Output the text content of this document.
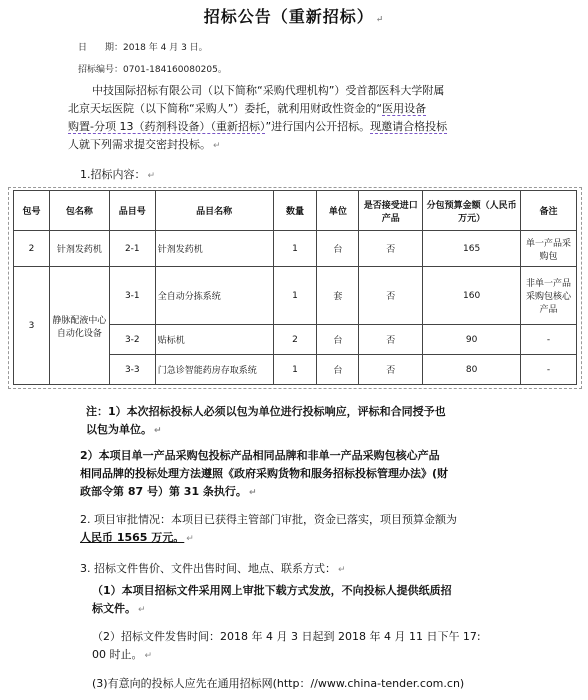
招标公告（重新招标） ↵
日　　期：2018 年 4 月 3 日。
招标编号：0701-184160080205。
中技国际招标有限公司（以下简称“采购代理机构”）受首都医科大学附属
北京天坛医院（以下简称“采购人”）委托，就利用财政性资金的“医用设备
购置-分项 13（药剂科设备）（重新招标）”进行国内公开招标。现邀请合格投标
人就下列需求提交密封投标。 ↵
1.招标内容： ↵
包号	包名称	品目号	品目名称	数量	单位	是否接受进口产品	分包预算金额（人民币万元）	备注
2	针剂发药机	2-1	针剂发药机	1	台	否	165	单一产品采购包
3	静脉配液中心自动化设备	3-1	全自动分拣系统	1	套	否	160	非单一产品采购包核心产品
		3-2	贴标机	2	台	否	90	-
		3-3	门急诊智能药房存取系统	1	台	否	80	-
注：1）本次招标投标人必须以包为单位进行投标响应，评标和合同授予也
以包为单位。 ↵
2）本项目单一产品采购包投标产品相同品牌和非单一产品采购包核心产品
相同品牌的投标处理方法遵照《政府采购货物和服务招标投标管理办法》(财
政部令第 87 号）第 31 条执行。 ↵
2. 项目审批情况：本项目已获得主管部门审批，资金已落实，项目预算金额为
人民币 1565 万元。 ↵
3. 招标文件售价、文件出售时间、地点、联系方式： ↵
（1）本项目招标文件采用网上审批下载方式发放，不向投标人提供纸质招
标文件。 ↵
（2）招标文件发售时间：2018 年 4 月 3 日起到 2018 年 4 月 11 日下午 17:
00 时止。 ↵
(3)有意向的投标人应先在通用招标网(http：//www.china-tender.com.cn)
